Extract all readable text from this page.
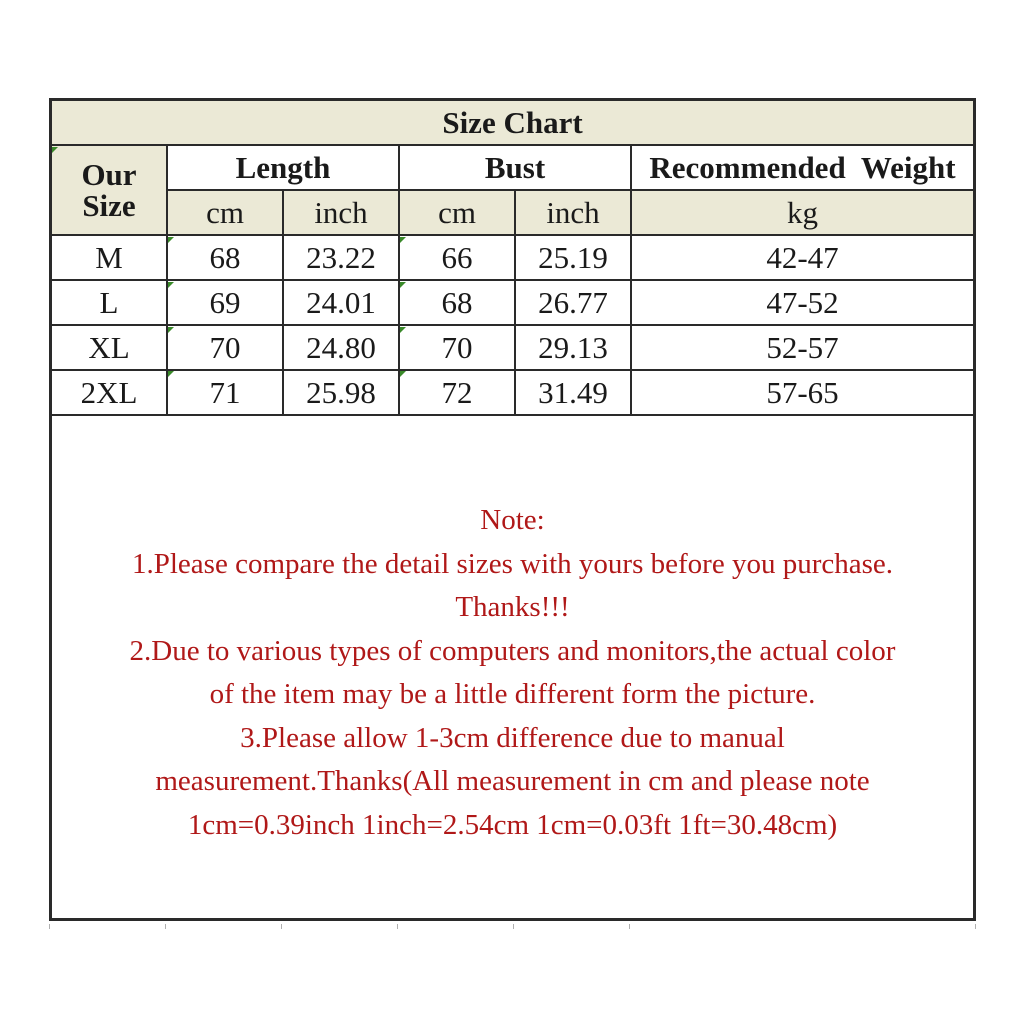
Size Chart					
Our
Size	Length		Bust		Recommended Weight
	cm	inch	cm	inch	kg
M	68	23.22	66	25.19	42-47
L	69	24.01	68	26.77	47-52
XL	70	24.80	70	29.13	52-57
2XL	71	25.98	72	31.49	57-65
Note:
1.Please compare the detail sizes with yours before you purchase.
Thanks!!!
2.Due to various types of computers and monitors,the actual color
of the item may be a little different form the picture.
3.Please allow 1-3cm difference due to manual
measurement.Thanks(All measurement in cm and please note
1cm=0.39inch 1inch=2.54cm 1cm=0.03ft 1ft=30.48cm)
